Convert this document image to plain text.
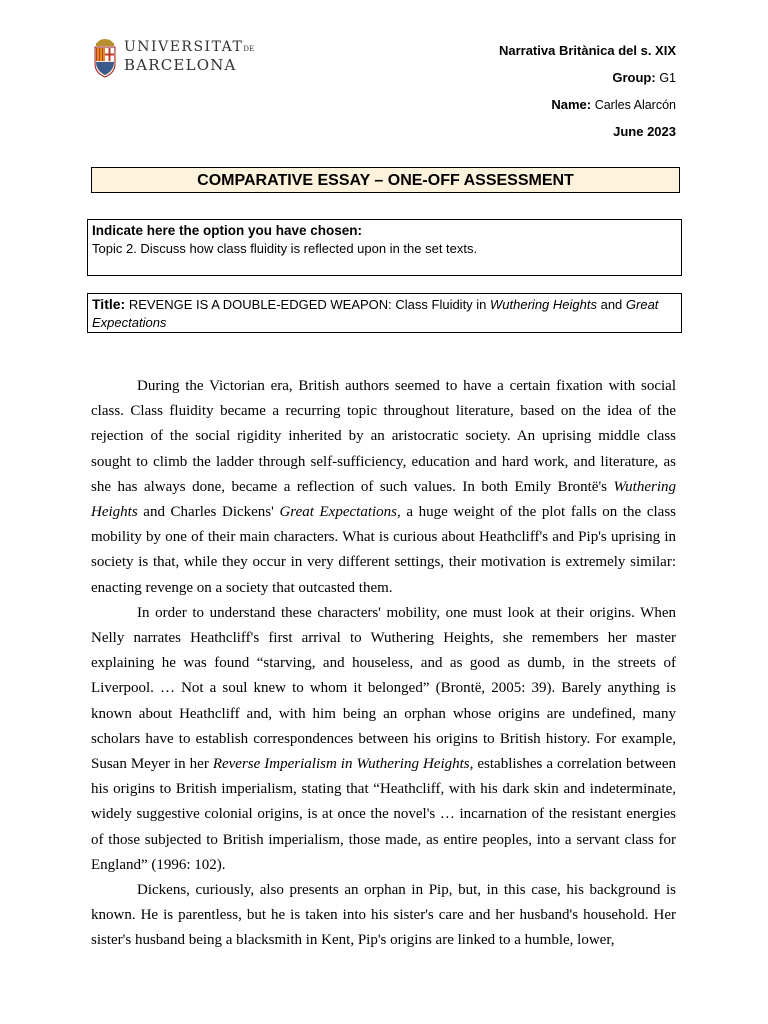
UNIVERSITATDE
BARCELONA
Narrativa Britànica del s. XIX
Group: G1
Name: Carles Alarcón
June 2023
COMPARATIVE ESSAY – ONE-OFF ASSESSMENT
Indicate here the option you have chosen:
Topic 2. Discuss how class fluidity is reflected upon in the set texts.
Title: REVENGE IS A DOUBLE-EDGED WEAPON: Class Fluidity in Wuthering Heights and Great Expectations

During the Victorian era, British authors seemed to have a certain fixation with social class. Class fluidity became a recurring topic throughout literature, based on the idea of the rejection of the social rigidity inherited by an aristocratic society. An uprising middle class sought to climb the ladder through self-sufficiency, education and hard work, and literature, as she has always done, became a reflection of such values. In both Emily Brontë's Wuthering Heights and Charles Dickens' Great Expectations, a huge weight of the plot falls on the class mobility by one of their main characters. What is curious about Heathcliff's and Pip's uprising in society is that, while they occur in very different settings, their motivation is extremely similar: enacting revenge on a society that outcasted them.

In order to understand these characters' mobility, one must look at their origins. When Nelly narrates Heathcliff's first arrival to Wuthering Heights, she remembers her master explaining he was found “starving, and houseless, and as good as dumb, in the streets of Liverpool. … Not a soul knew to whom it belonged” (Brontë, 2005: 39). Barely anything is known about Heathcliff and, with him being an orphan whose origins are undefined, many scholars have to establish correspondences between his origins to British history. For example, Susan Meyer in her Reverse Imperialism in Wuthering Heights, establishes a correlation between his origins to British imperialism, stating that “Heathcliff, with his dark skin and indeterminate, widely suggestive colonial origins, is at once the novel's … incarnation of the resistant energies of those subjected to British imperialism, those made, as entire peoples, into a servant class for England” (1996: 102).

Dickens, curiously, also presents an orphan in Pip, but, in this case, his background is known. He is parentless, but he is taken into his sister's care and her husband's household. Her sister's husband being a blacksmith in Kent, Pip's origins are linked to a humble, lower,
